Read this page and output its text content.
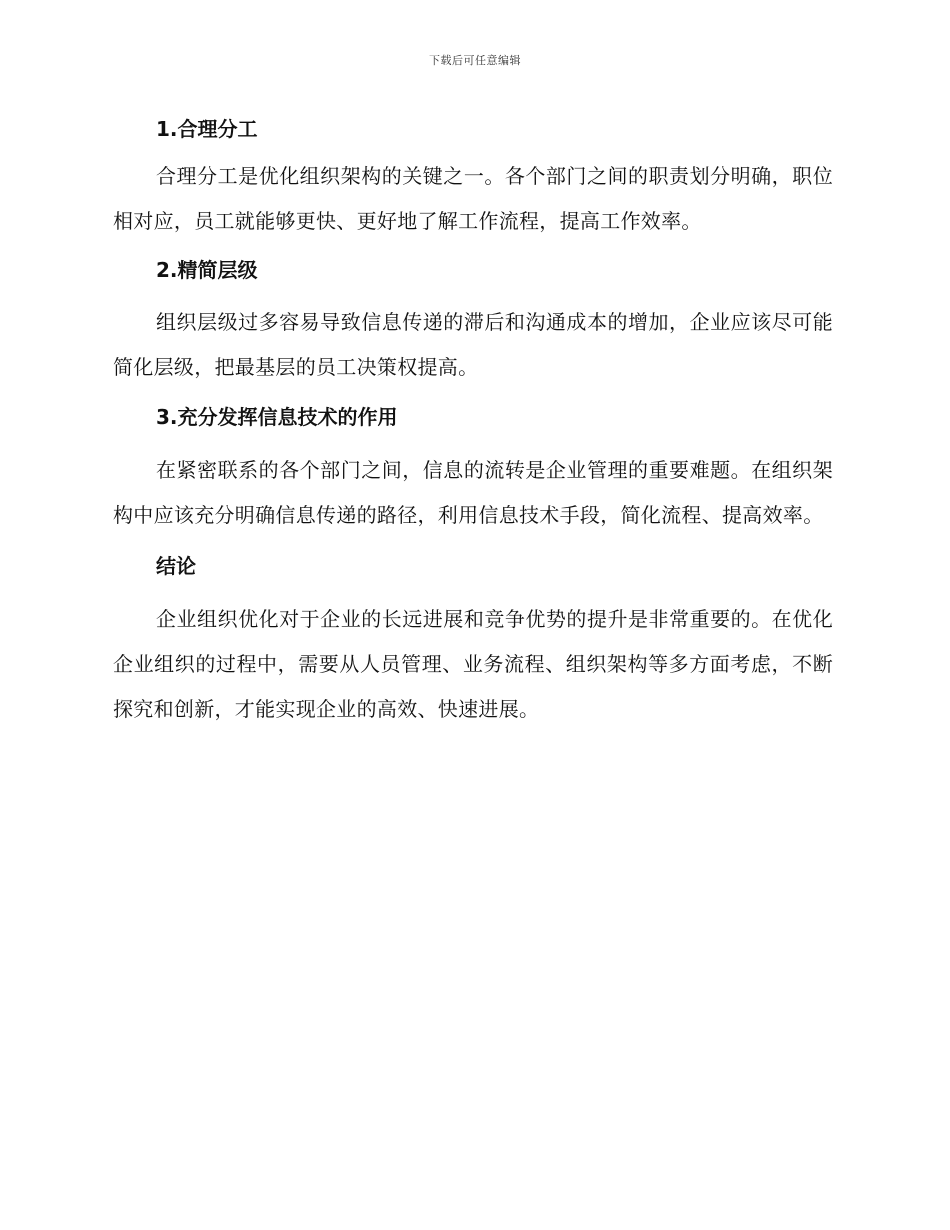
下载后可任意编辑
1.合理分工

合理分工是优化组织架构的关键之一。各个部门之间的职责划分明确，职位相对应，员工就能够更快、更好地了解工作流程，提高工作效率。

2.精简层级

组织层级过多容易导致信息传递的滞后和沟通成本的增加，企业应该尽可能简化层级，把最基层的员工决策权提高。

3.充分发挥信息技术的作用

在紧密联系的各个部门之间，信息的流转是企业管理的重要难题。在组织架构中应该充分明确信息传递的路径，利用信息技术手段，简化流程、提高效率。

结论

企业组织优化对于企业的长远进展和竞争优势的提升是非常重要的。在优化企业组织的过程中，需要从人员管理、业务流程、组织架构等多方面考虑，不断探究和创新，才能实现企业的高效、快速进展。
